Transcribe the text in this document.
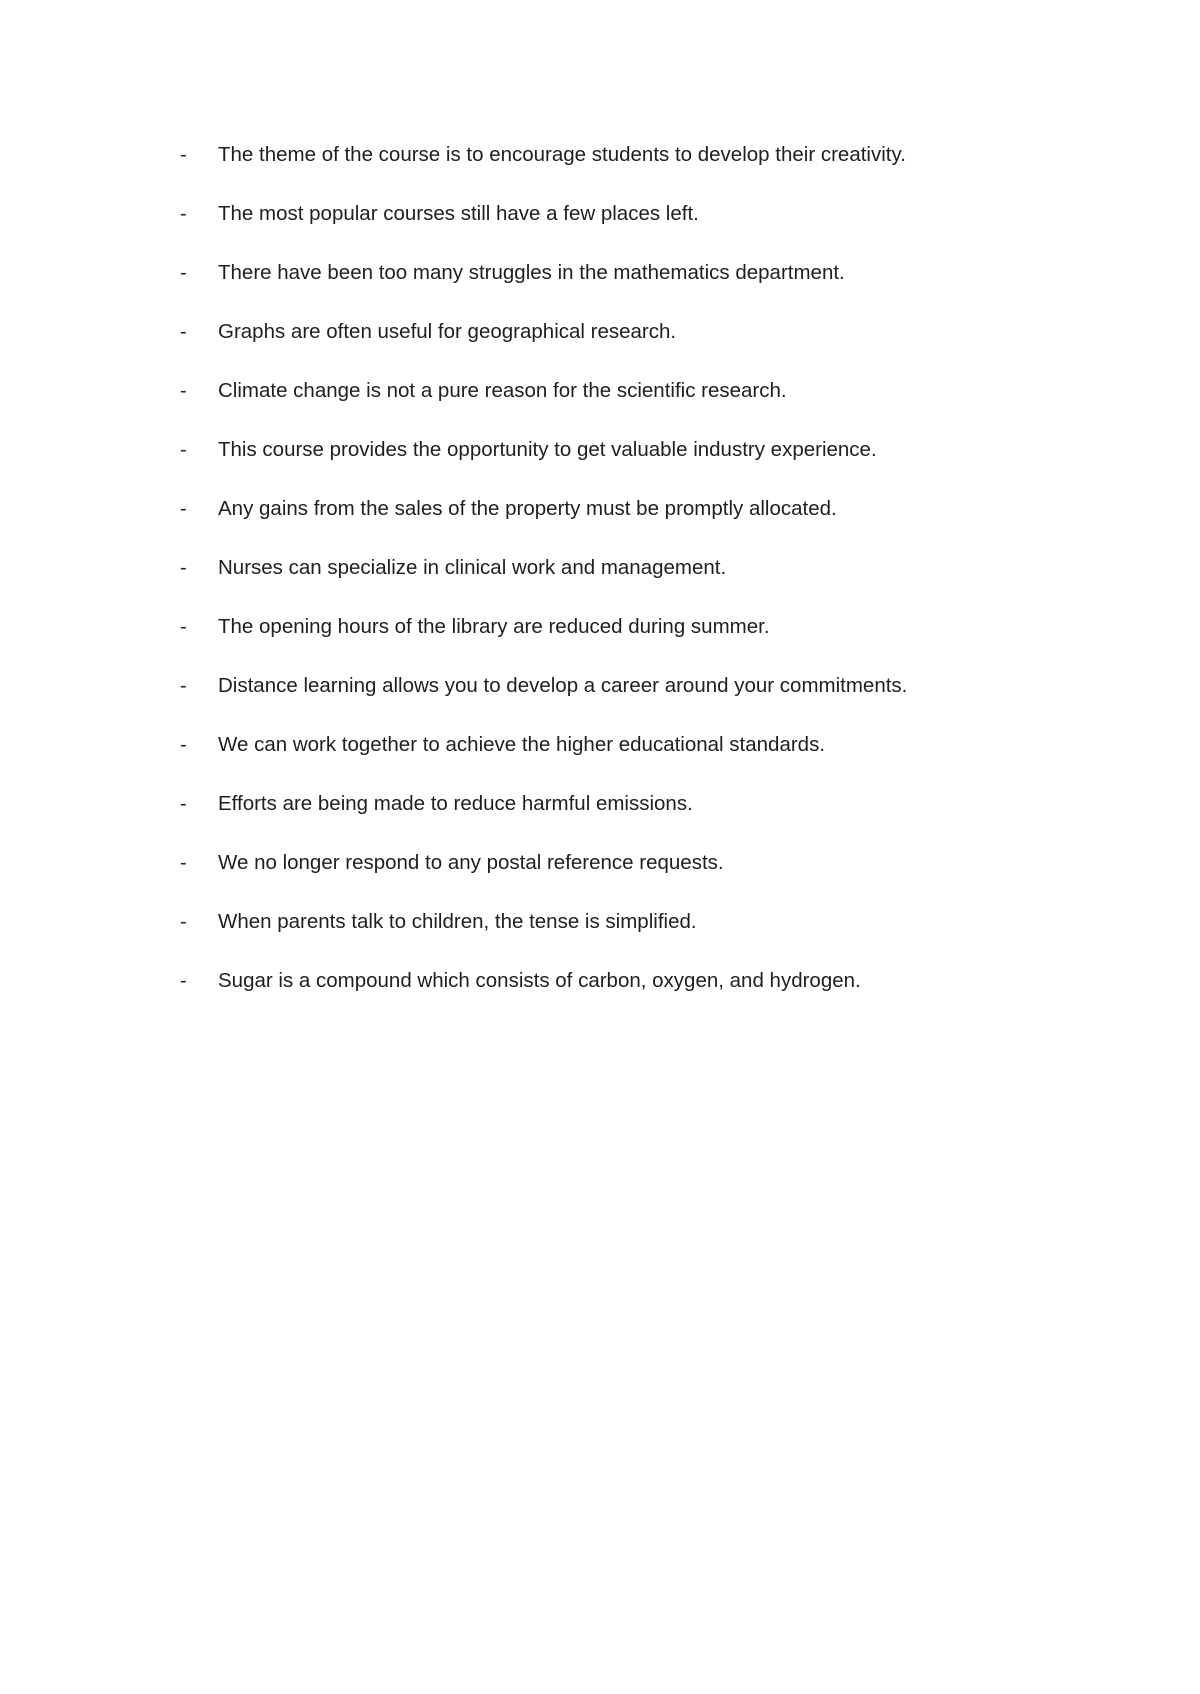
-	The theme of the course is to encourage students to develop their creativity.
-	The most popular courses still have a few places left.
-	There have been too many struggles in the mathematics department.
-	Graphs are often useful for geographical research.
-	Climate change is not a pure reason for the scientific research.
-	This course provides the opportunity to get valuable industry experience.
-	Any gains from the sales of the property must be promptly allocated.
-	Nurses can specialize in clinical work and management.
-	The opening hours of the library are reduced during summer.
-	Distance learning allows you to develop a career around your commitments.
-	We can work together to achieve the higher educational standards.
-	Efforts are being made to reduce harmful emissions.
-	We no longer respond to any postal reference requests.
-	When parents talk to children, the tense is simplified.
-	Sugar is a compound which consists of carbon, oxygen, and hydrogen.
